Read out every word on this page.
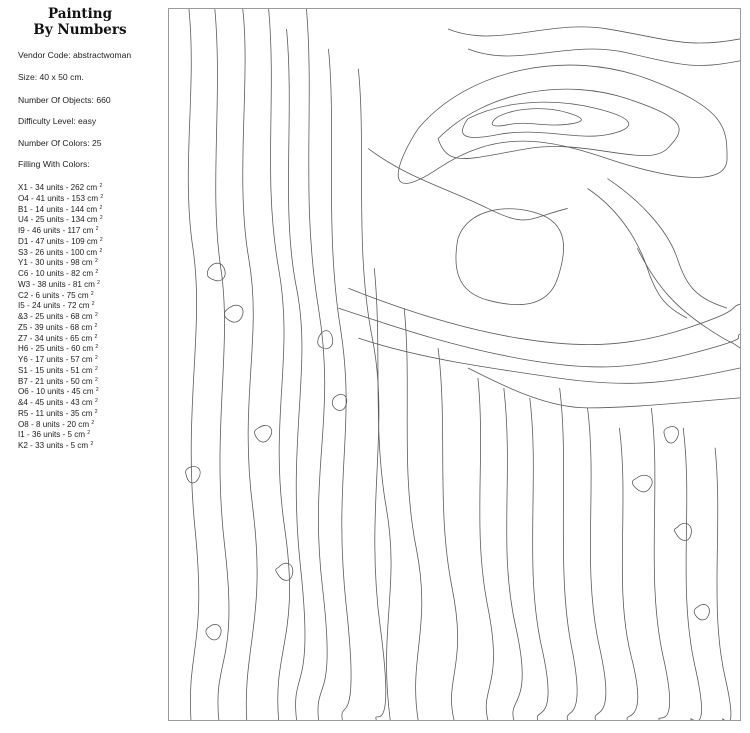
Painting
By Numbers
Vendor Code: abstractwoman
Size: 40 x 50 cm.
Number Of Objects: 660
Difficulty Level: easy
Number Of Colors: 25
Filling With Colors:
X1 - 34 units - 262 cm $^2$
O4 - 41 units - 153 cm $^2$
B1 - 14 units - 144 cm $^2$
U4 - 25 units - 134 cm $^2$
I9 - 46 units - 117 cm $^2$
D1 - 47 units - 109 cm $^2$
S3 - 26 units - 100 cm $^2$
Y1 - 30 units - 98 cm $^2$
C6 - 10 units - 82 cm $^2$
W3 - 38 units - 81 cm $^2$
C2 - 6 units - 75 cm $^2$
I5 - 24 units - 72 cm $^2$
&3 - 25 units - 68 cm $^2$
Z5 - 39 units - 68 cm $^2$
Z7 - 34 units - 65 cm $^2$
H6 - 25 units - 60 cm $^2$
Y6 - 17 units - 57 cm $^2$
S1 - 15 units - 51 cm $^2$
B7 - 21 units - 50 cm $^2$
O6 - 10 units - 45 cm $^2$
&4 - 45 units - 43 cm $^2$
R5 - 11 units - 35 cm $^2$
O8 - 8 units - 20 cm $^2$
I1 - 36 units - 5 cm $^2$
K2 - 33 units - 5 cm $^2$
